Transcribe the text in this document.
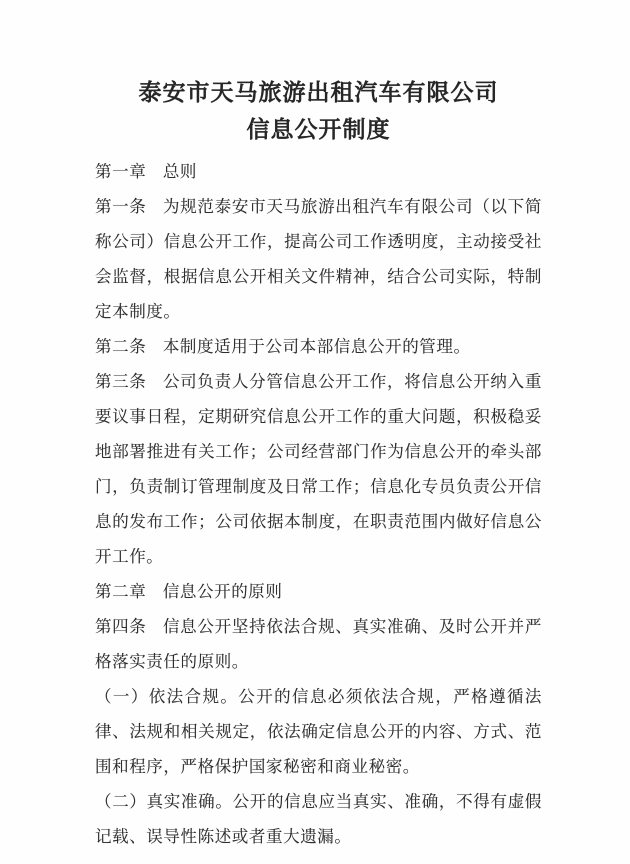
泰安市天马旅游出租汽车有限公司
信息公开制度

第一章 总则

第一条 为规范泰安市天马旅游出租汽车有限公司（以下简称公司）信息公开工作，提高公司工作透明度，主动接受社会监督，根据信息公开相关文件精神，结合公司实际，特制定本制度。

第二条 本制度适用于公司本部信息公开的管理。

第三条 公司负责人分管信息公开工作，将信息公开纳入重要议事日程，定期研究信息公开工作的重大问题，积极稳妥地部署推进有关工作；公司经营部门作为信息公开的牵头部门，负责制订管理制度及日常工作；信息化专员负责公开信息的发布工作；公司依据本制度，在职责范围内做好信息公开工作。

第二章 信息公开的原则

第四条 信息公开坚持依法合规、真实准确、及时公开并严格落实责任的原则。

（一）依法合规。公开的信息必须依法合规，严格遵循法律、法规和相关规定，依法确定信息公开的内容、方式、范围和程序，严格保护国家秘密和商业秘密。

（二）真实准确。公开的信息应当真实、准确，不得有虚假记载、误导性陈述或者重大遗漏。
